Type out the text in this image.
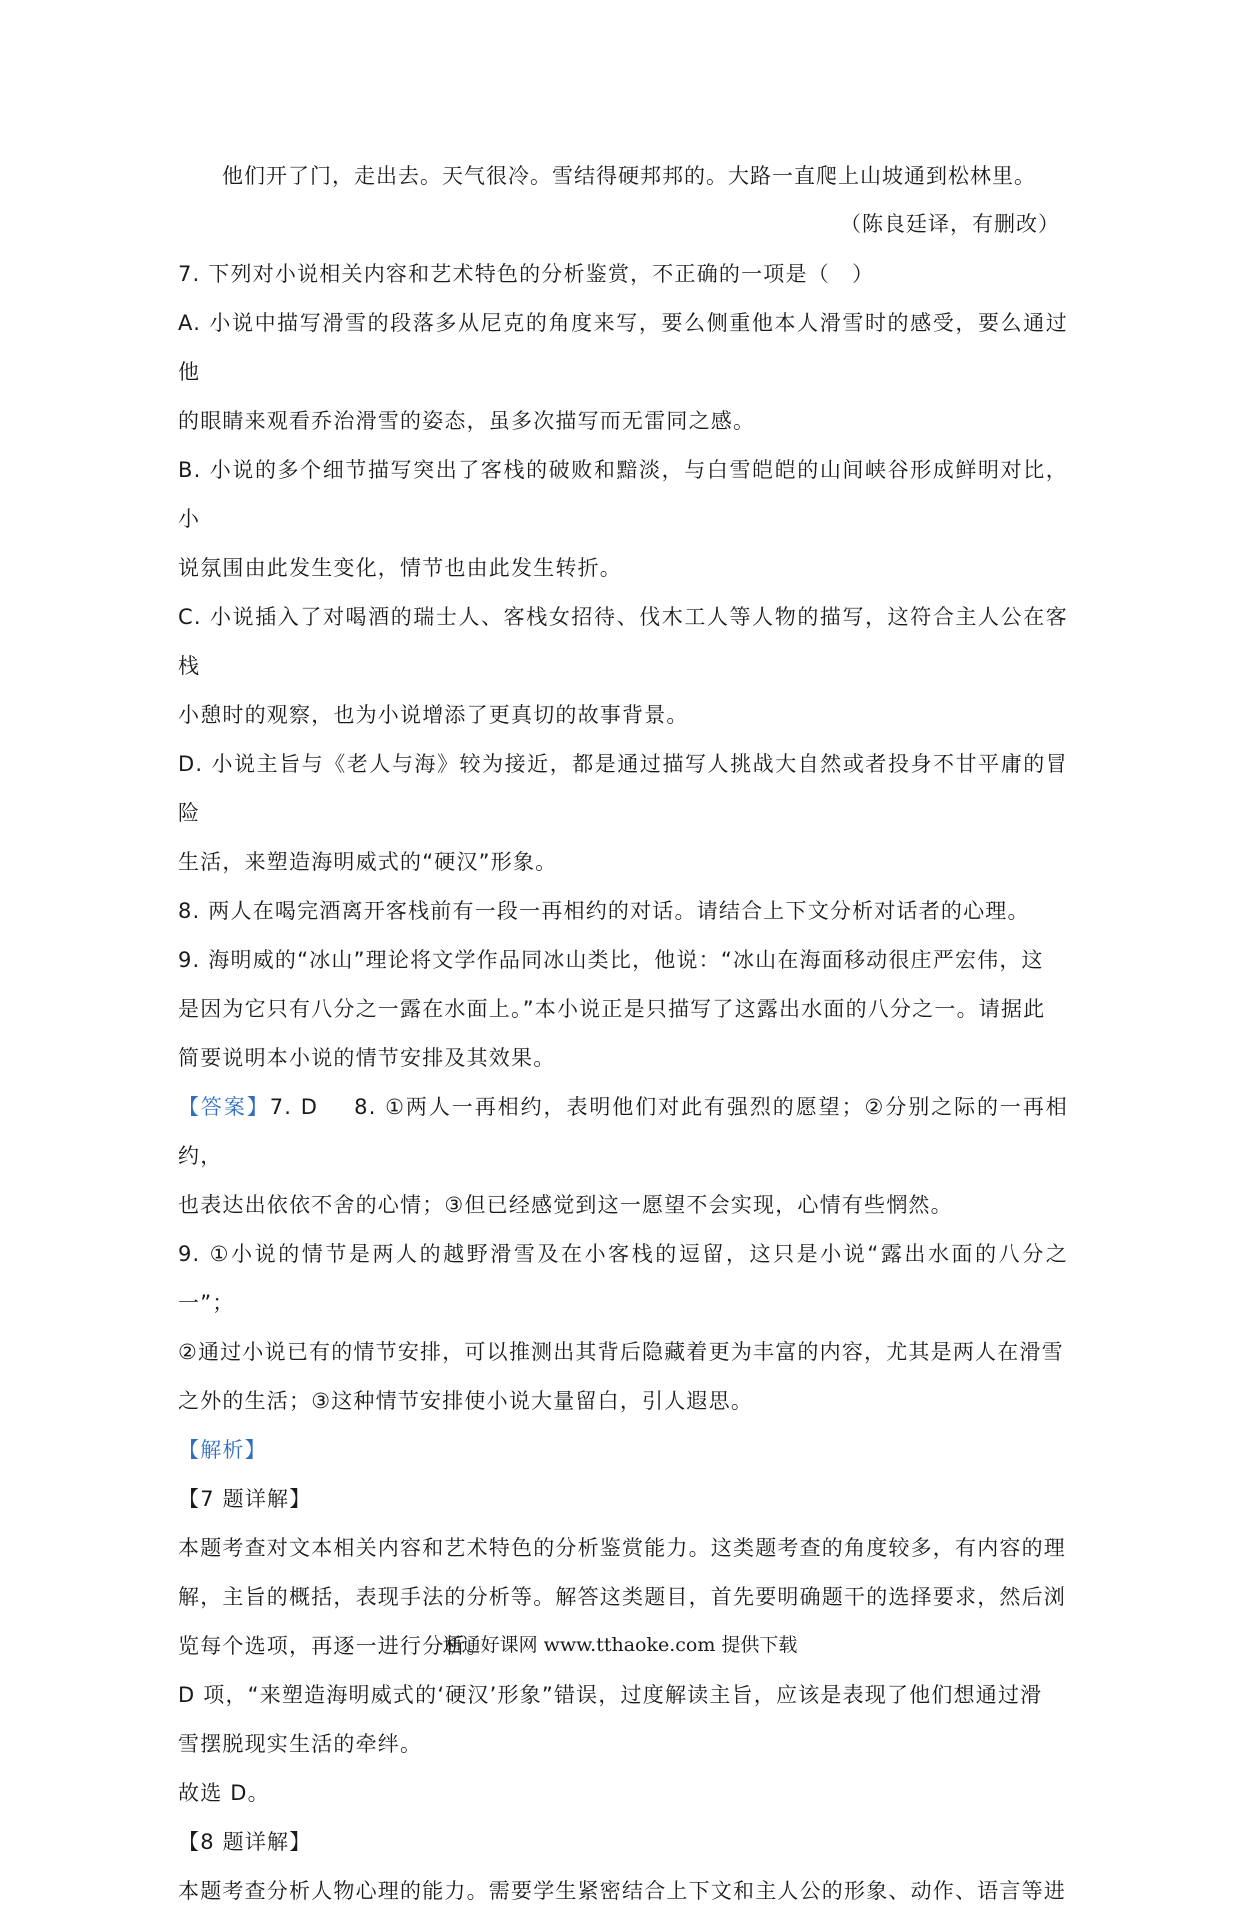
他们开了门，走出去。天气很冷。雪结得硬邦邦的。大路一直爬上山坡通到松林里。
（陈良廷译，有删改）
7. 下列对小说相关内容和艺术特色的分析鉴赏，不正确的一项是（　）
A. 小说中描写滑雪的段落多从尼克的角度来写，要么侧重他本人滑雪时的感受，要么通过他
的眼睛来观看乔治滑雪的姿态，虽多次描写而无雷同之感。
B. 小说的多个细节描写突出了客栈的破败和黯淡，与白雪皑皑的山间峡谷形成鲜明对比，小
说氛围由此发生变化，情节也由此发生转折。
C. 小说插入了对喝酒的瑞士人、客栈女招待、伐木工人等人物的描写，这符合主人公在客栈
小憩时的观察，也为小说增添了更真切的故事背景。
D. 小说主旨与《老人与海》较为接近，都是通过描写人挑战大自然或者投身不甘平庸的冒险
生活，来塑造海明威式的“硬汉”形象。
8. 两人在喝完酒离开客栈前有一段一再相约的对话。请结合上下文分析对话者的心理。
9. 海明威的“冰山”理论将文学作品同冰山类比，他说：“冰山在海面移动很庄严宏伟，这
是因为它只有八分之一露在水面上。”本小说正是只描写了这露出水面的八分之一。请据此
简要说明本小说的情节安排及其效果。
【答案】7. D 8. ①两人一再相约，表明他们对此有强烈的愿望；②分别之际的一再相约，
也表达出依依不舍的心情；③但已经感觉到这一愿望不会实现，心情有些惘然。
9. ①小说的情节是两人的越野滑雪及在小客栈的逗留，这只是小说“露出水面的八分之一”；
②通过小说已有的情节安排，可以推测出其背后隐藏着更为丰富的内容，尤其是两人在滑雪
之外的生活；③这种情节安排使小说大量留白，引人遐思。
【解析】
【7 题详解】
本题考查对文本相关内容和艺术特色的分析鉴赏能力。这类题考查的角度较多，有内容的理
解，主旨的概括，表现手法的分析等。解答这类题目，首先要明确题干的选择要求，然后浏
览每个选项，再逐一进行分析。
D 项，“来塑造海明威式的‘硬汉’形象”错误，过度解读主旨，应该是表现了他们想通过滑
雪摆脱现实生活的牵绊。
故选 D。
【8 题详解】
本题考查分析人物心理的能力。需要学生紧密结合上下文和主人公的形象、动作、语言等进
通通好课网 www.tthaoke.com 提供下载
